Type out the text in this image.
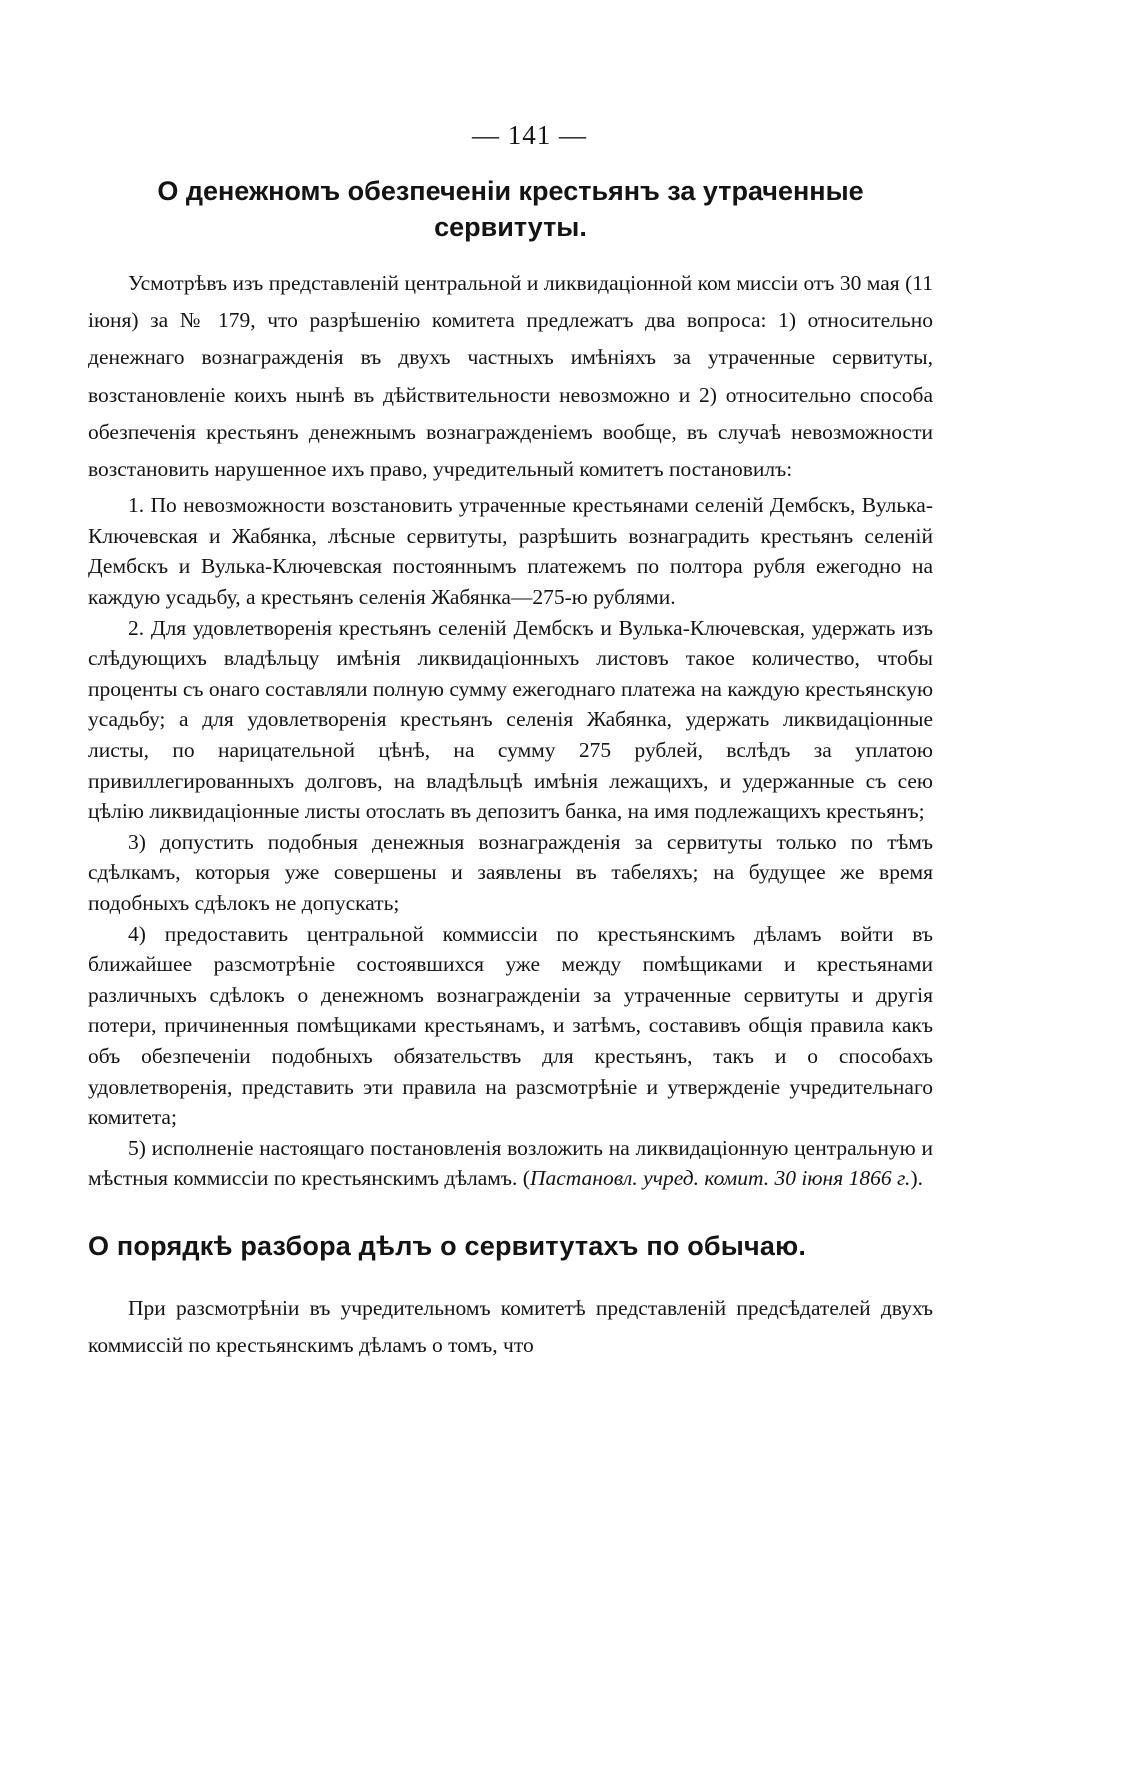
— 141 —
О денежномъ обезпеченіи крестьянъ за утраченные сервитуты.

Усмотрѣвъ изъ представленій центральной и ликвидаціонной ком миссіи отъ 30 мая (11 іюня) за № 179, что разрѣшенію комитета предлежатъ два вопроса: 1) относительно денежнаго вознагражденія въ двухъ частныхъ имѣніяхъ за утраченные сервитуты, возстановленіе коихъ нынѣ въ дѣйствительности невозможно и 2) относительно способа обезпеченія крестьянъ денежнымъ вознагражденіемъ вообще, въ случаѣ невозможности возстановить нарушенное ихъ право, учредительный комитетъ постановилъ:

1. По невозможности возстановить утраченные крестьянами селеній Дембскъ, Вулька-Ключевская и Жабянка, лѣсные сервитуты, разрѣшить вознаградить крестьянъ селеній Дембскъ и Вулька-Ключевская постояннымъ платежемъ по полтора рубля ежегодно на каждую усадьбу, а крестьянъ селенія Жабянка—275-ю рублями.

2. Для удовлетворенія крестьянъ селеній Дембскъ и Вулька-Ключевская, удержать изъ слѣдующихъ владѣльцу имѣнія ликвидаціонныхъ листовъ такое количество, чтобы проценты съ онаго составляли полную сумму ежегоднаго платежа на каждую крестьянскую усадьбу; а для удовлетворенія крестьянъ селенія Жабянка, удержать ликвидаціонные листы, по нарицательной цѣнѣ, на сумму 275 рублей, вслѣдъ за уплатою привиллегированныхъ долговъ, на владѣльцѣ имѣнія лежащихъ, и удержанные съ сею цѣлію ликвидаціонные листы отослать въ депозитъ банка, на имя подлежащихъ крестьянъ;

3) допустить подобныя денежныя вознагражденія за сервитуты только по тѣмъ сдѣлкамъ, которыя уже совершены и заявлены въ табеляхъ; на будущее же время подобныхъ сдѣлокъ не допускать;

4) предоставить центральной коммиссіи по крестьянскимъ дѣламъ войти въ ближайшее разсмотрѣніе состоявшихся уже между помѣщиками и крестьянами различныхъ сдѣлокъ о денежномъ вознагражденіи за утраченные сервитуты и другія потери, причиненныя помѣщиками крестьянамъ, и затѣмъ, составивъ общія правила какъ объ обезпеченіи подобныхъ обязательствъ для крестьянъ, такъ и о способахъ удовлетворенія, представить эти правила на разсмотрѣніе и утвержденіе учредительнаго комитета;

5) исполненіе настоящаго постановленія возложить на ликвидаціонную центральную и мѣстныя коммиссіи по крестьянскимъ дѣламъ. (Пастановл. учред. комит. 30 іюня 1866 г.).

О порядкѣ разбора дѣлъ о сервитутахъ по обычаю.

При разсмотрѣніи въ учредительномъ комитетѣ представленій предсѣдателей двухъ коммиссій по крестьянскимъ дѣламъ о томъ, что
